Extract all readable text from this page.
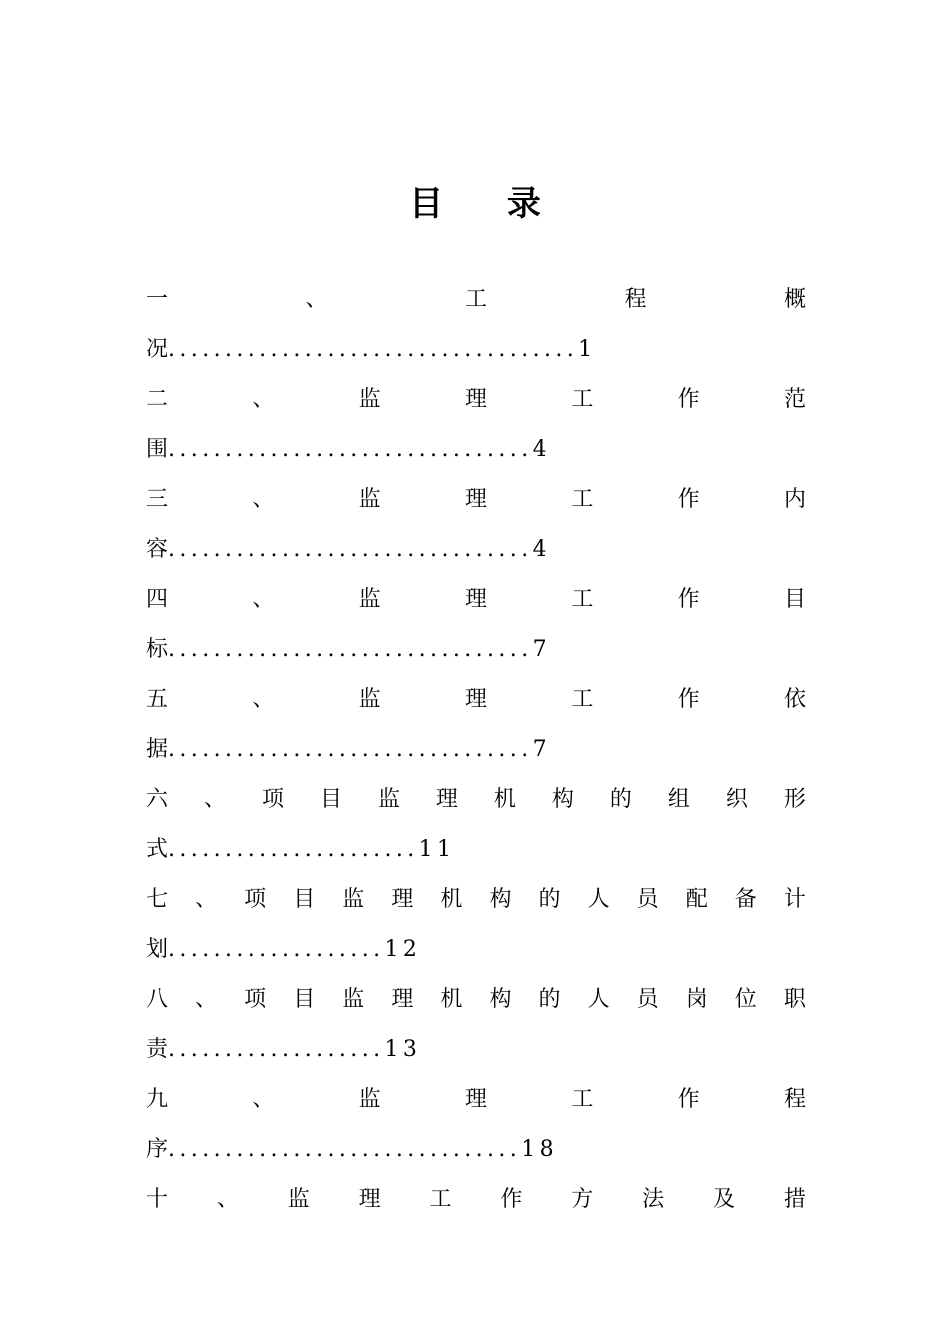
目 录
一	、	工	程	概
况....................................1
二	、	监	理	工	作	范
围................................4
三	、	监	理	工	作	内
容................................4
四	、	监	理	工	作	目
标................................7
五	、	监	理	工	作	依
据................................7
六 、 项 目 监 理 机 构 的 组 织 形
式......................11
七 、 项 目 监 理 机 构 的 人 员 配 备 计
划...................12
八 、 项 目 监 理 机 构 的 人 员 岗 位 职
责...................13
九	、	监	理	工	作	程
序...............................18
十 、 监 理 工 作 方 法 及 措
